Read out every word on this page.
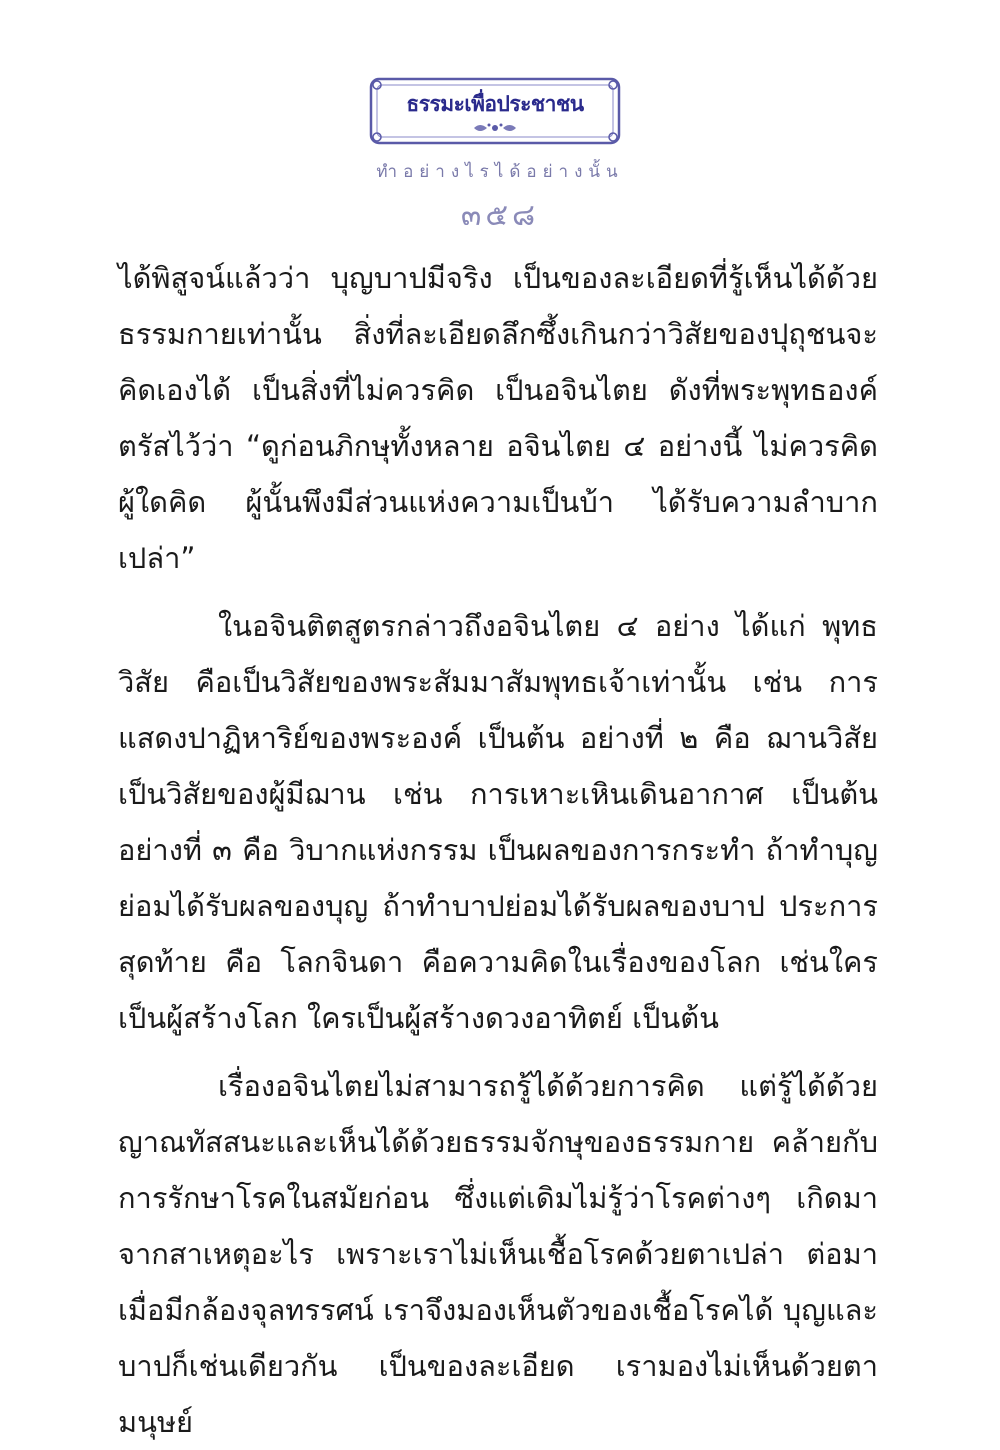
ธรรมะเพื่อประชาชน
ทำอย่างไรได้อย่างนั้น
๓๕๘

ได้พิสูจน์แล้วว่า บุญบาปมีจริง เป็นของละเอียดที่รู้เห็นได้ด้วยธรรมกายเท่านั้น สิ่งที่ละเอียดลึกซึ้งเกินกว่าวิสัยของปุถุชนจะคิดเองได้ เป็นสิ่งที่ไม่ควรคิด เป็นอจินไตย ดังที่พระพุทธองค์ตรัสไว้ว่า “ดูก่อนภิกษุทั้งหลาย อจินไตย ๔ อย่างนี้ ไม่ควรคิด ผู้ใดคิด ผู้นั้นพึงมีส่วนแห่งความเป็นบ้า ได้รับความลำบากเปล่า”

ในอจินติตสูตรกล่าวถึงอจินไตย ๔ อย่าง ได้แก่ พุทธวิสัย คือเป็นวิสัยของพระสัมมาสัมพุทธเจ้าเท่านั้น เช่น การแสดงปาฏิหาริย์ของพระองค์ เป็นต้น อย่างที่ ๒ คือ ฌานวิสัย เป็นวิสัยของผู้มีฌาน เช่น การเหาะเหินเดินอากาศ เป็นต้น อย่างที่ ๓ คือ วิบากแห่งกรรม เป็นผลของการกระทำ ถ้าทำบุญย่อมได้รับผลของบุญ ถ้าทำบาปย่อมได้รับผลของบาป ประการสุดท้าย คือ โลกจินดา คือความคิดในเรื่องของโลก เช่นใครเป็นผู้สร้างโลก ใครเป็นผู้สร้างดวงอาทิตย์ เป็นต้น

เรื่องอจินไตยไม่สามารถรู้ได้ด้วยการคิด แต่รู้ได้ด้วยญาณทัสสนะและเห็นได้ด้วยธรรมจักษุของธรรมกาย คล้ายกับการรักษาโรคในสมัยก่อน ซึ่งแต่เดิมไม่รู้ว่าโรคต่างๆ เกิดมาจากสาเหตุอะไร เพราะเราไม่เห็นเชื้อโรคด้วยตาเปล่า ต่อมาเมื่อมีกล้องจุลทรรศน์ เราจึงมองเห็นตัวของเชื้อโรคได้ บุญและบาปก็เช่นเดียวกัน เป็นของละเอียด เรามองไม่เห็นด้วยตามนุษย์
